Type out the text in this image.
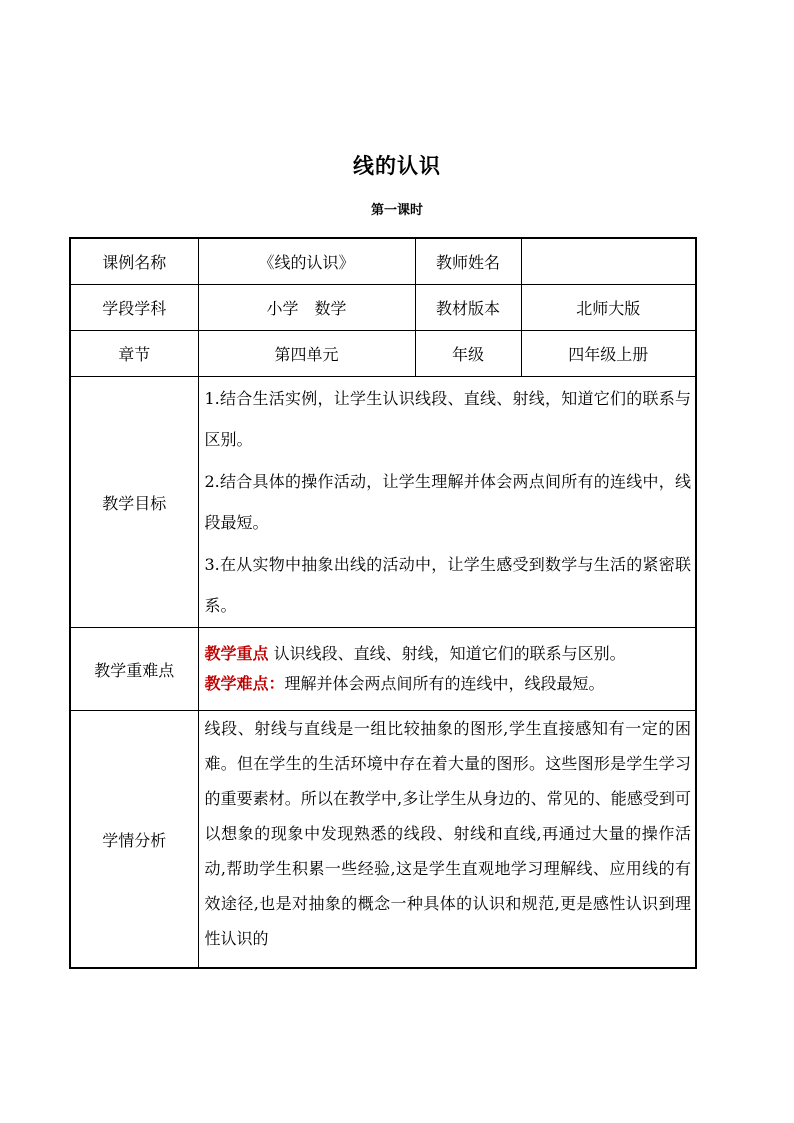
线的认识
第一课时
课例名称	《线的认识》	教师姓名	
学段学科	小学　数学	教材版本	北师大版
章节	第四单元	年级	四年级上册
教学目标	1.结合生活实例，让学生认识线段、直线、射线，知道它们的联系与区别。

2.结合具体的操作活动，让学生理解并体会两点间所有的连线中，线段最短。

3.在从实物中抽象出线的活动中，让学生感受到数学与生活的紧密联系。		

教学重难点	教学重点 认识线段、直线、射线，知道它们的联系与区别。

教学难点：理解并体会两点间所有的连线中，线段最短。		

学情分析	线段、射线与直线是一组比较抽象的图形,学生直接感知有一定的困难。但在学生的生活环境中存在着大量的图形。这些图形是学生学习的重要素材。所以在教学中,多让学生从身边的、常见的、能感受到可以想象的现象中发现熟悉的线段、射线和直线,再通过大量的操作活动,帮助学生积累一些经验,这是学生直观地学习理解线、应用线的有效途径,也是对抽象的概念一种具体的认识和规范,更是感性认识到理性认识的		
